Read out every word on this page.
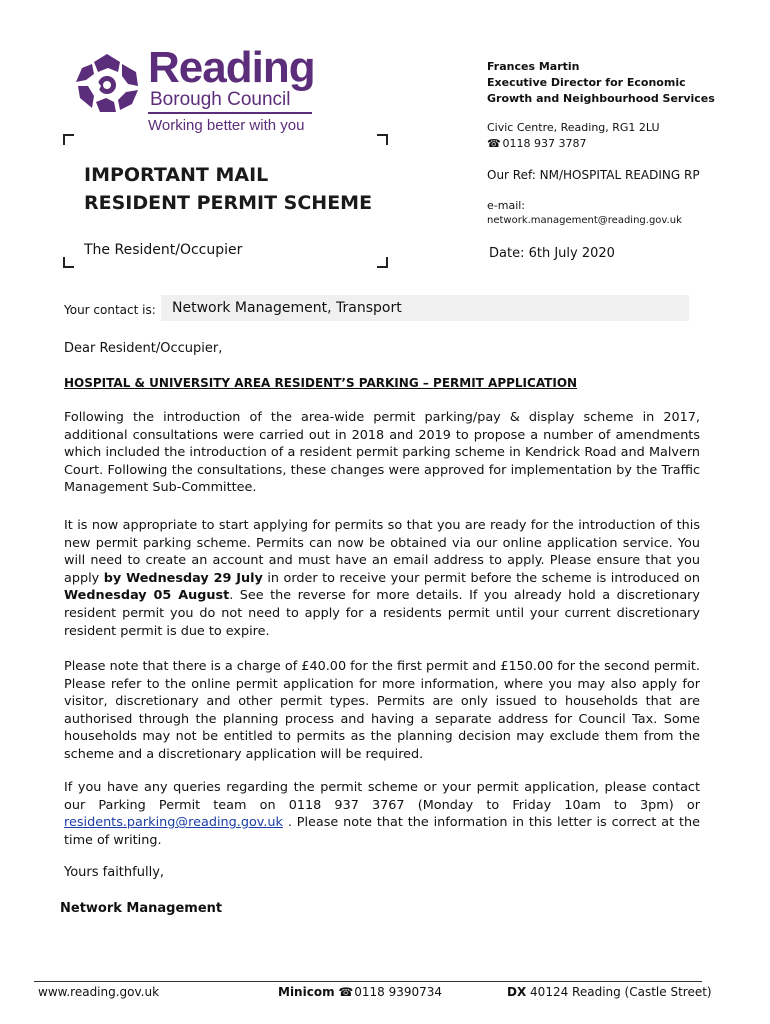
Reading
Borough Council
Working better with you
IMPORTANT MAIL
RESIDENT PERMIT SCHEME
The Resident/Occupier
Frances Martin
Executive Director for Economic
Growth and Neighbourhood Services
Civic Centre, Reading, RG1 2LU
☎ 0118 937 3787
Our Ref: NM/HOSPITAL READING RP
e-mail:
network.management@reading.gov.uk
Date: 6th July 2020
Your contact is: Network Management, Transport
Dear Resident/Occupier,
HOSPITAL & UNIVERSITY AREA RESIDENT’S PARKING – PERMIT APPLICATION

Following the introduction of the area-wide permit parking/pay & display scheme in 2017, additional consultations were carried out in 2018 and 2019 to propose a number of amendments which included the introduction of a resident permit parking scheme in Kendrick Road and Malvern Court. Following the consultations, these changes were approved for implementation by the Traffic Management Sub-Committee.

It is now appropriate to start applying for permits so that you are ready for the introduction of this new permit parking scheme. Permits can now be obtained via our online application service. You will need to create an account and must have an email address to apply. Please ensure that you apply by Wednesday 29 July in order to receive your permit before the scheme is introduced on Wednesday 05 August. See the reverse for more details. If you already hold a discretionary resident permit you do not need to apply for a residents permit until your current discretionary resident permit is due to expire.

Please note that there is a charge of £40.00 for the first permit and £150.00 for the second permit. Please refer to the online permit application for more information, where you may also apply for visitor, discretionary and other permit types. Permits are only issued to households that are authorised through the planning process and having a separate address for Council Tax. Some households may not be entitled to permits as the planning decision may exclude them from the scheme and a discretionary application will be required.

If you have any queries regarding the permit scheme or your permit application, please contact our Parking Permit team on 0118 937 3767 (Monday to Friday 10am to 3pm) or residents.parking@reading.gov.uk . Please note that the information in this letter is correct at the time of writing.

Yours faithfully,
Network Management
www.reading.gov.uk	Minicom ☎ 0118 9390734	DX 40124 Reading (Castle Street)
